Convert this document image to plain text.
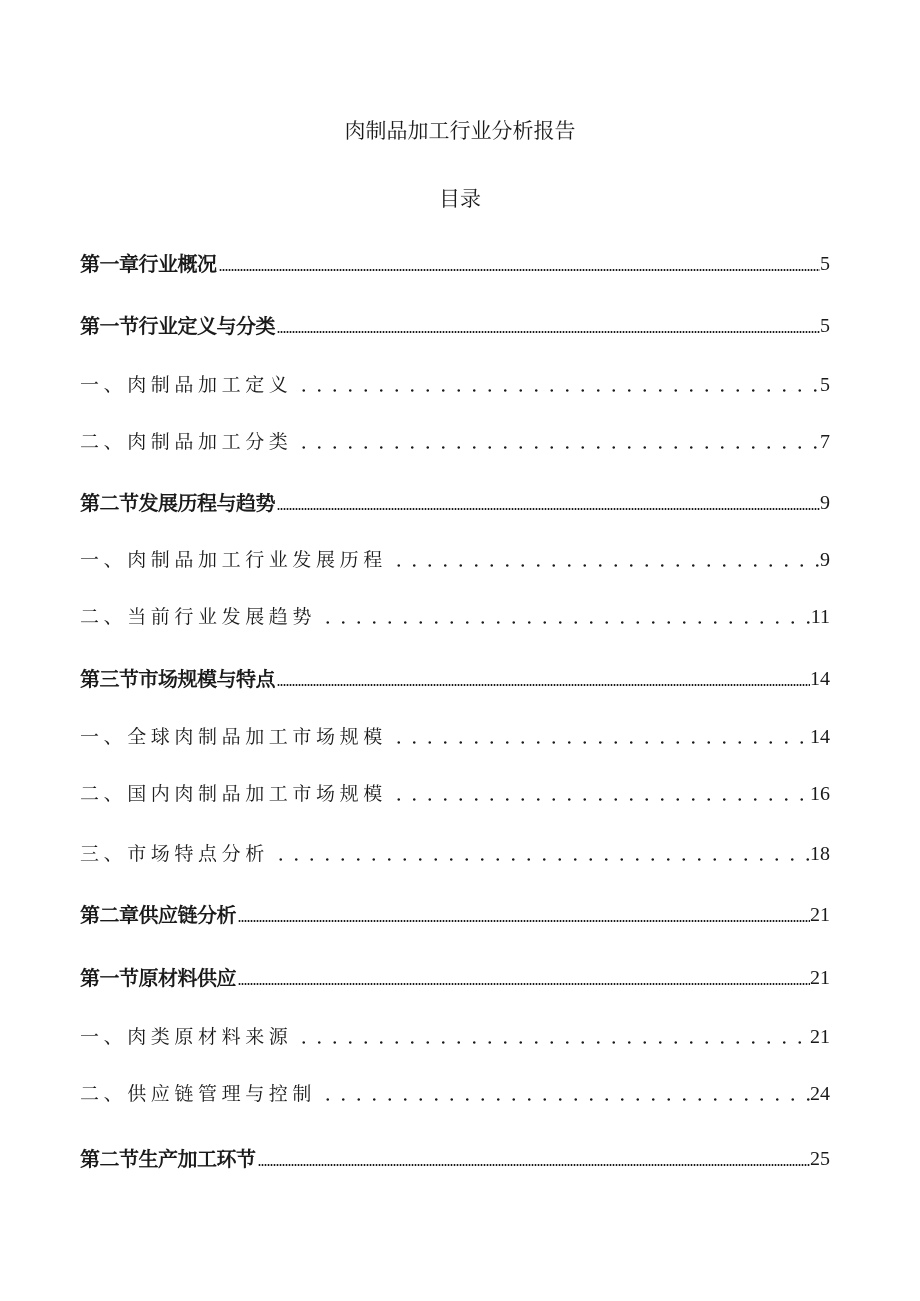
肉制品加工行业分析报告
目录
第一章行业概况	5
第一节行业定义与分类	5
一、肉制品加工定义	5
二、肉制品加工分类	7
第二节发展历程与趋势	9
一、肉制品加工行业发展历程	9
二、当前行业发展趋势	11
第三节市场规模与特点	14
一、全球肉制品加工市场规模	14
二、国内肉制品加工市场规模	16
三、市场特点分析	18
第二章供应链分析	21
第一节原材料供应	21
一、肉类原材料来源	21
二、供应链管理与控制	24
第二节生产加工环节	25
